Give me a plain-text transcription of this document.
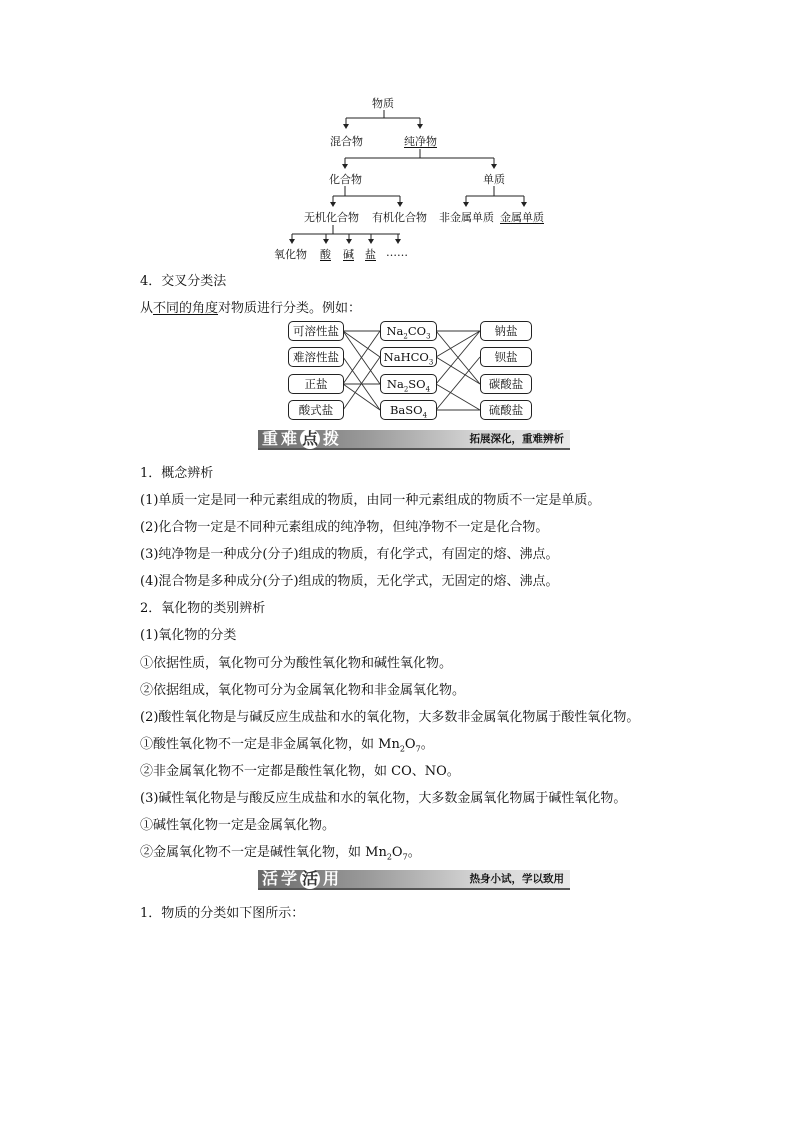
物质
混合物	纯净物
化合物	单质
无机化合物 有机化合物 非金属单质 金属单质
氧化物 酸 碱 盐 ……
4．交叉分类法
从不同的角度对物质进行分类。例如：
可溶性盐
难溶性盐
正盐
酸式盐
$Na_2CO_3$
NaHCO$_3$
$Na_2SO_4$
BaSO$_4$
钠盐
钡盐
碳酸盐
硫酸盐
重难 点 拨	拓展深化，重难辨析
1．概念辨析
(1)单质一定是同一种元素组成的物质，由同一种元素组成的物质不一定是单质。
(2)化合物一定是不同种元素组成的纯净物，但纯净物不一定是化合物。
(3)纯净物是一种成分(分子)组成的物质，有化学式，有固定的熔、沸点。
(4)混合物是多种成分(分子)组成的物质，无化学式，无固定的熔、沸点。
2．氧化物的类别辨析
(1)氧化物的分类
①依据性质，氧化物可分为酸性氧化物和碱性氧化物。
②依据组成，氧化物可分为金属氧化物和非金属氧化物。
(2)酸性氧化物是与碱反应生成盐和水的氧化物，大多数非金属氧化物属于酸性氧化物。
①酸性氧化物不一定是非金属氧化物，如 $Mn_2O_7$。
②非金属氧化物不一定都是酸性氧化物，如 CO、NO。
(3)碱性氧化物是与酸反应生成盐和水的氧化物，大多数金属氧化物属于碱性氧化物。
①碱性氧化物一定是金属氧化物。
②金属氧化物不一定是碱性氧化物，如 $Mn_2O_7$。
活学 活 用	热身小试，学以致用
1．物质的分类如下图所示：
